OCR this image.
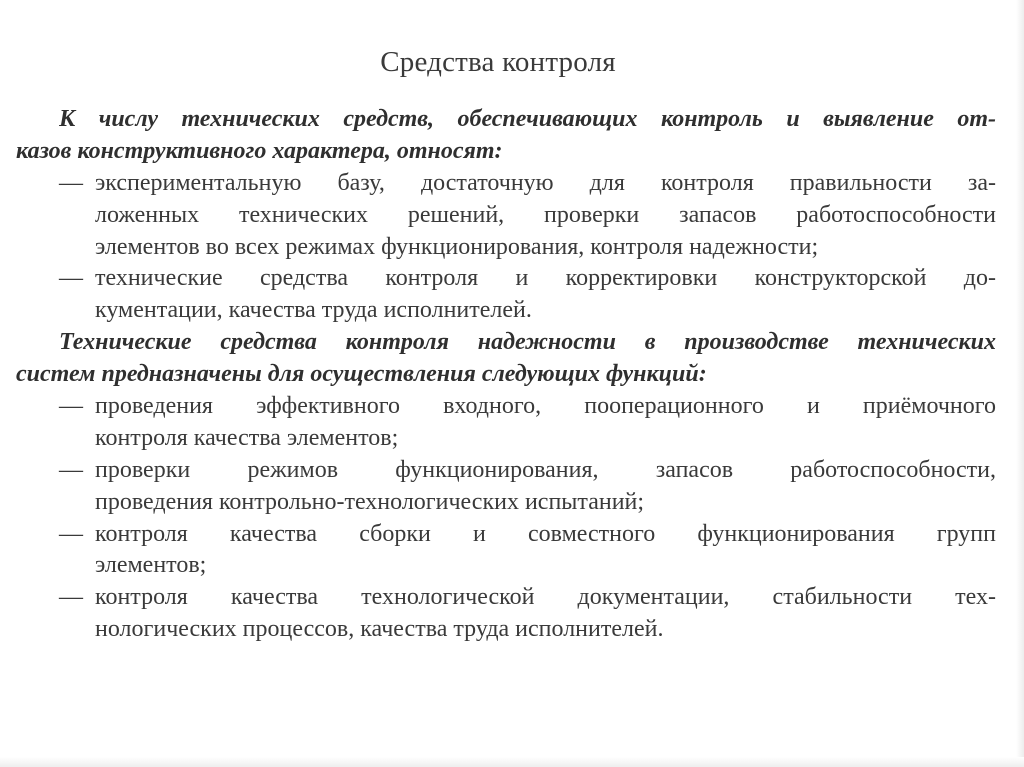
Средства контроля
К числу технических средств, обеспечивающих контроль и выявление от-
казов конструктивного характера, относят:
— экспериментальную базу, достаточную для контроля правильности за-
ложенных технических решений, проверки запасов работоспособности
элементов во всех режимах функционирования, контроля надежности;
— технические средства контроля и корректировки конструкторской до-
кументации, качества труда исполнителей.
Технические средства контроля надежности в производстве технических
систем предназначены для осуществления следующих функций:
— проведения эффективного входного, пооперационного и приёмочного
контроля качества элементов;
— проверки режимов функционирования, запасов работоспособности,
проведения контрольно-технологических испытаний;
— контроля качества сборки и совместного функционирования групп
элементов;
— контроля качества технологической документации, стабильности тех-
нологических процессов, качества труда исполнителей.
